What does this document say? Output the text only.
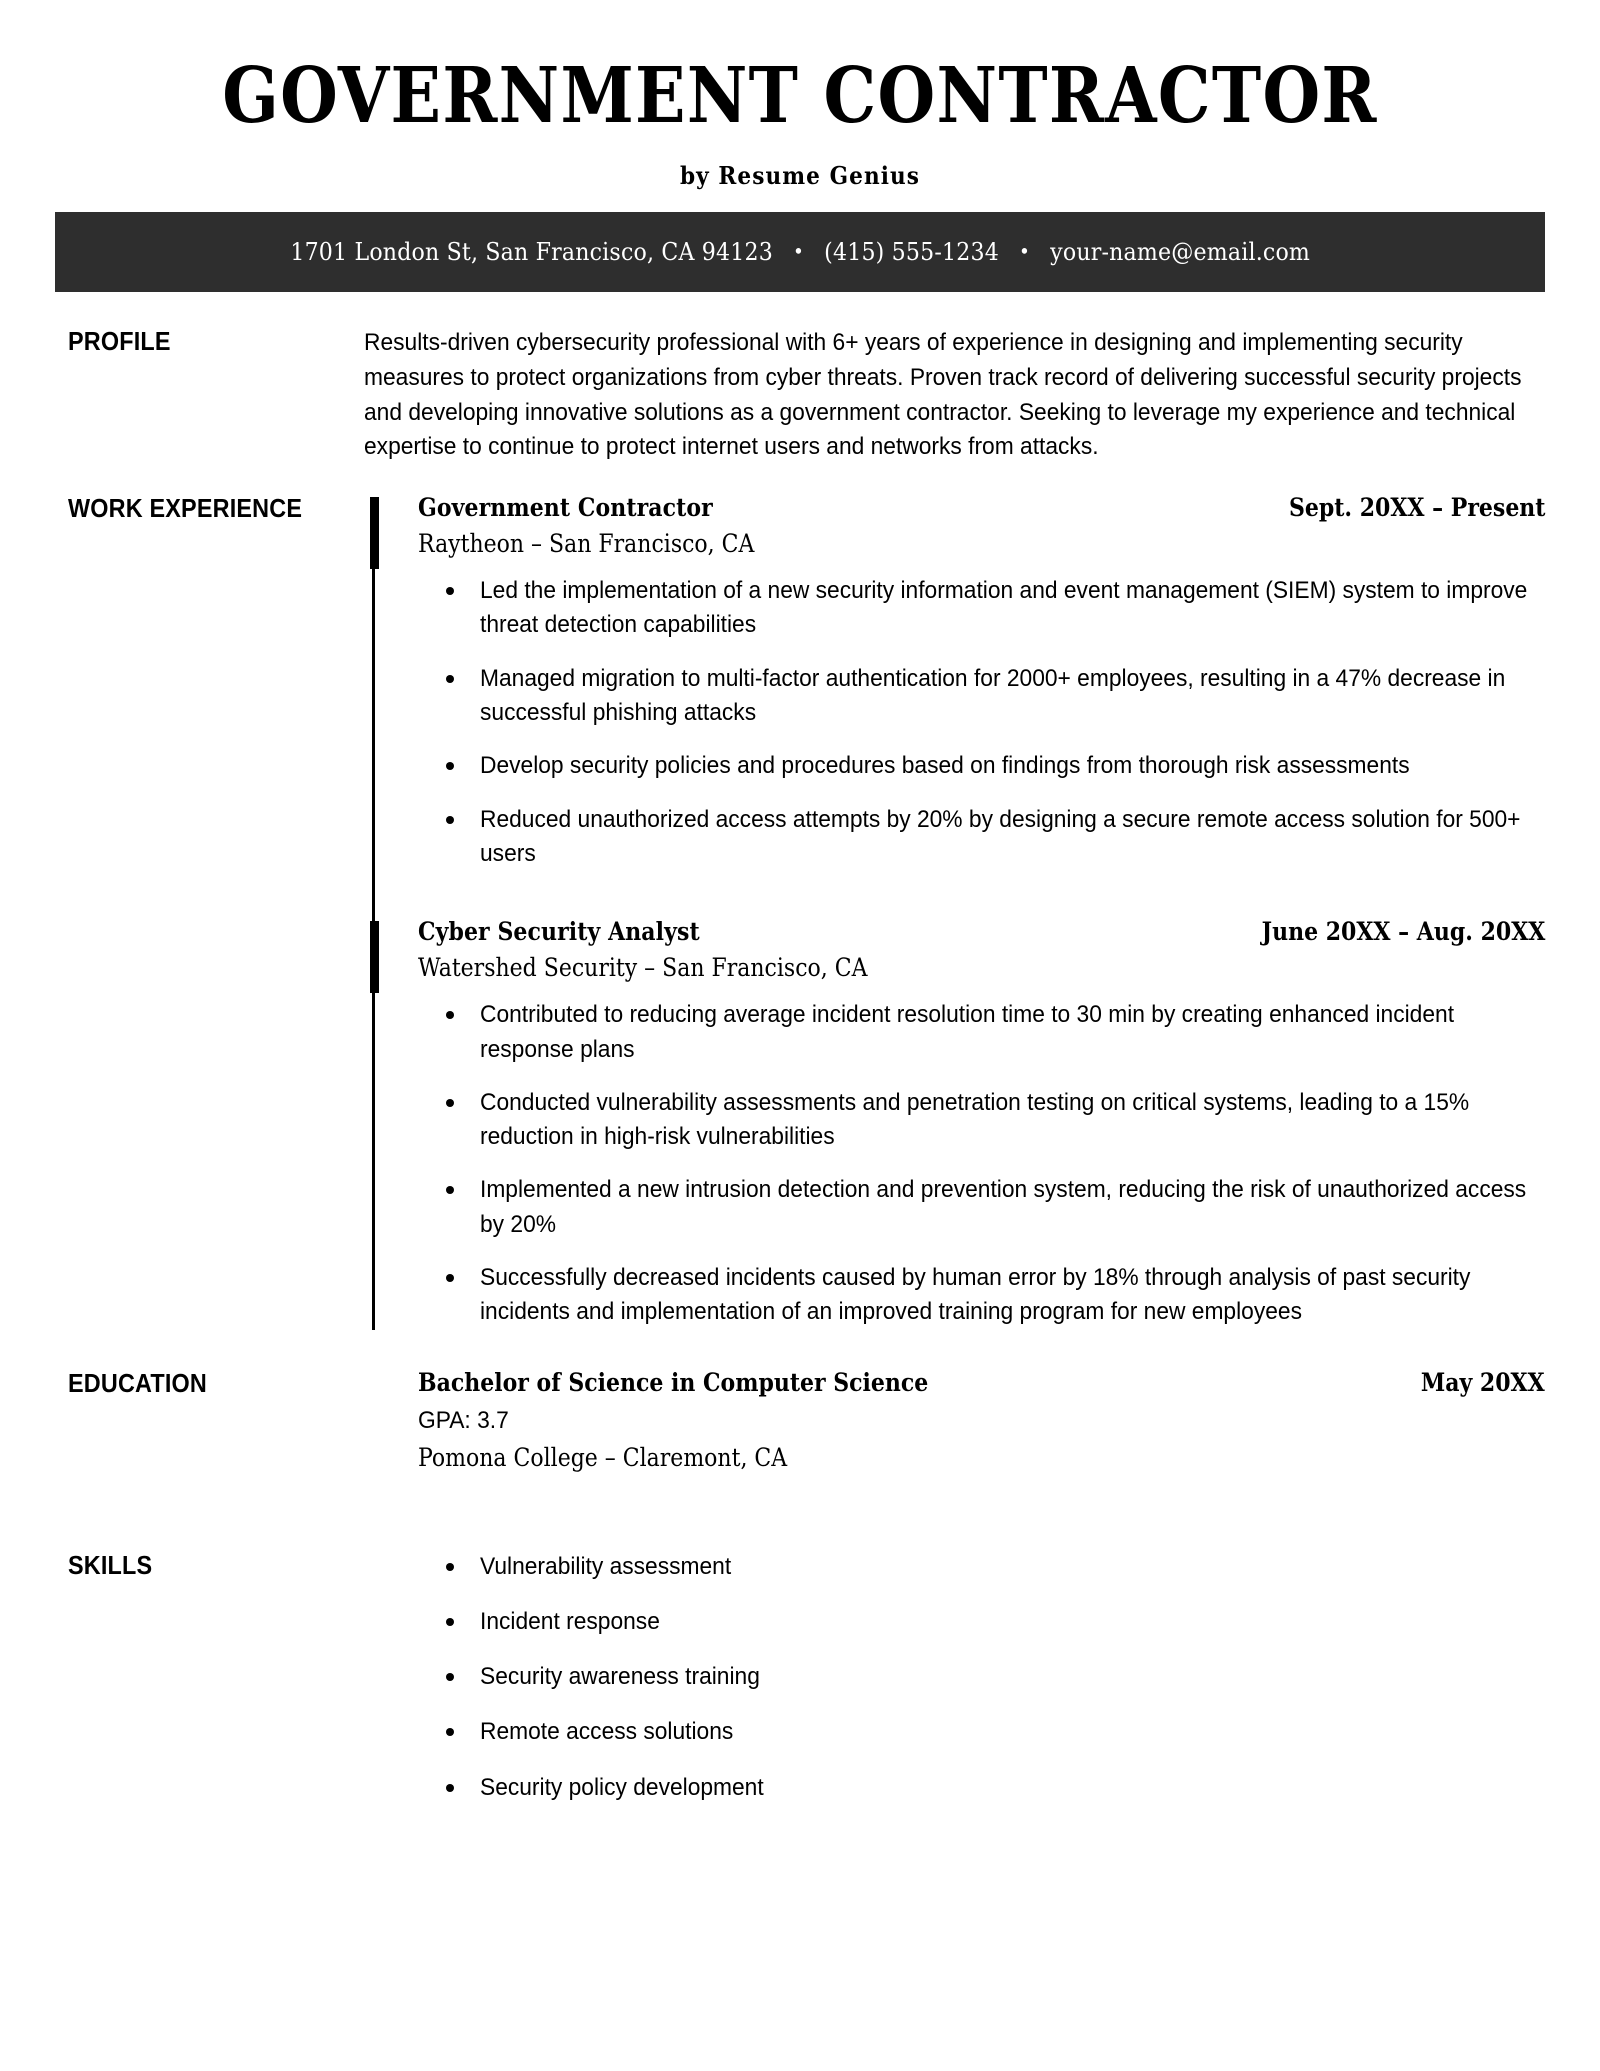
GOVERNMENT CONTRACTOR
by Resume Genius
1701 London St, San Francisco, CA 94123 • (415) 555-1234 • your-name@email.com
PROFILE	Results-driven cybersecurity professional with 6+ years of experience in designing and implementing security measures to protect organizations from cyber threats. Proven track record of delivering successful security projects and developing innovative solutions as a government contractor. Seeking to leverage my experience and technical expertise to continue to protect internet users and networks from attacks.
WORK EXPERIENCE	Government Contractor	Sept. 20XX – Present
Raytheon – San Francisco, CA
Led the implementation of a new security information and event management (SIEM) system to improve threat detection capabilities
Managed migration to multi-factor authentication for 2000+ employees, resulting in a 47% decrease in successful phishing attacks
Develop security policies and procedures based on findings from thorough risk assessments
Reduced unauthorized access attempts by 20% by designing a secure remote access solution for 500+ users
Cyber Security Analyst	June 20XX – Aug. 20XX
Watershed Security – San Francisco, CA
Contributed to reducing average incident resolution time to 30 min by creating enhanced incident response plans
Conducted vulnerability assessments and penetration testing on critical systems, leading to a 15% reduction in high-risk vulnerabilities
Implemented a new intrusion detection and prevention system, reducing the risk of unauthorized access by 20%
Successfully decreased incidents caused by human error by 18% through analysis of past security incidents and implementation of an improved training program for new employees
EDUCATION	Bachelor of Science in Computer Science	May 20XX
GPA: 3.7
Pomona College – Claremont, CA
SKILLS	Vulnerability assessment
Incident response
Security awareness training
Remote access solutions
Security policy development
